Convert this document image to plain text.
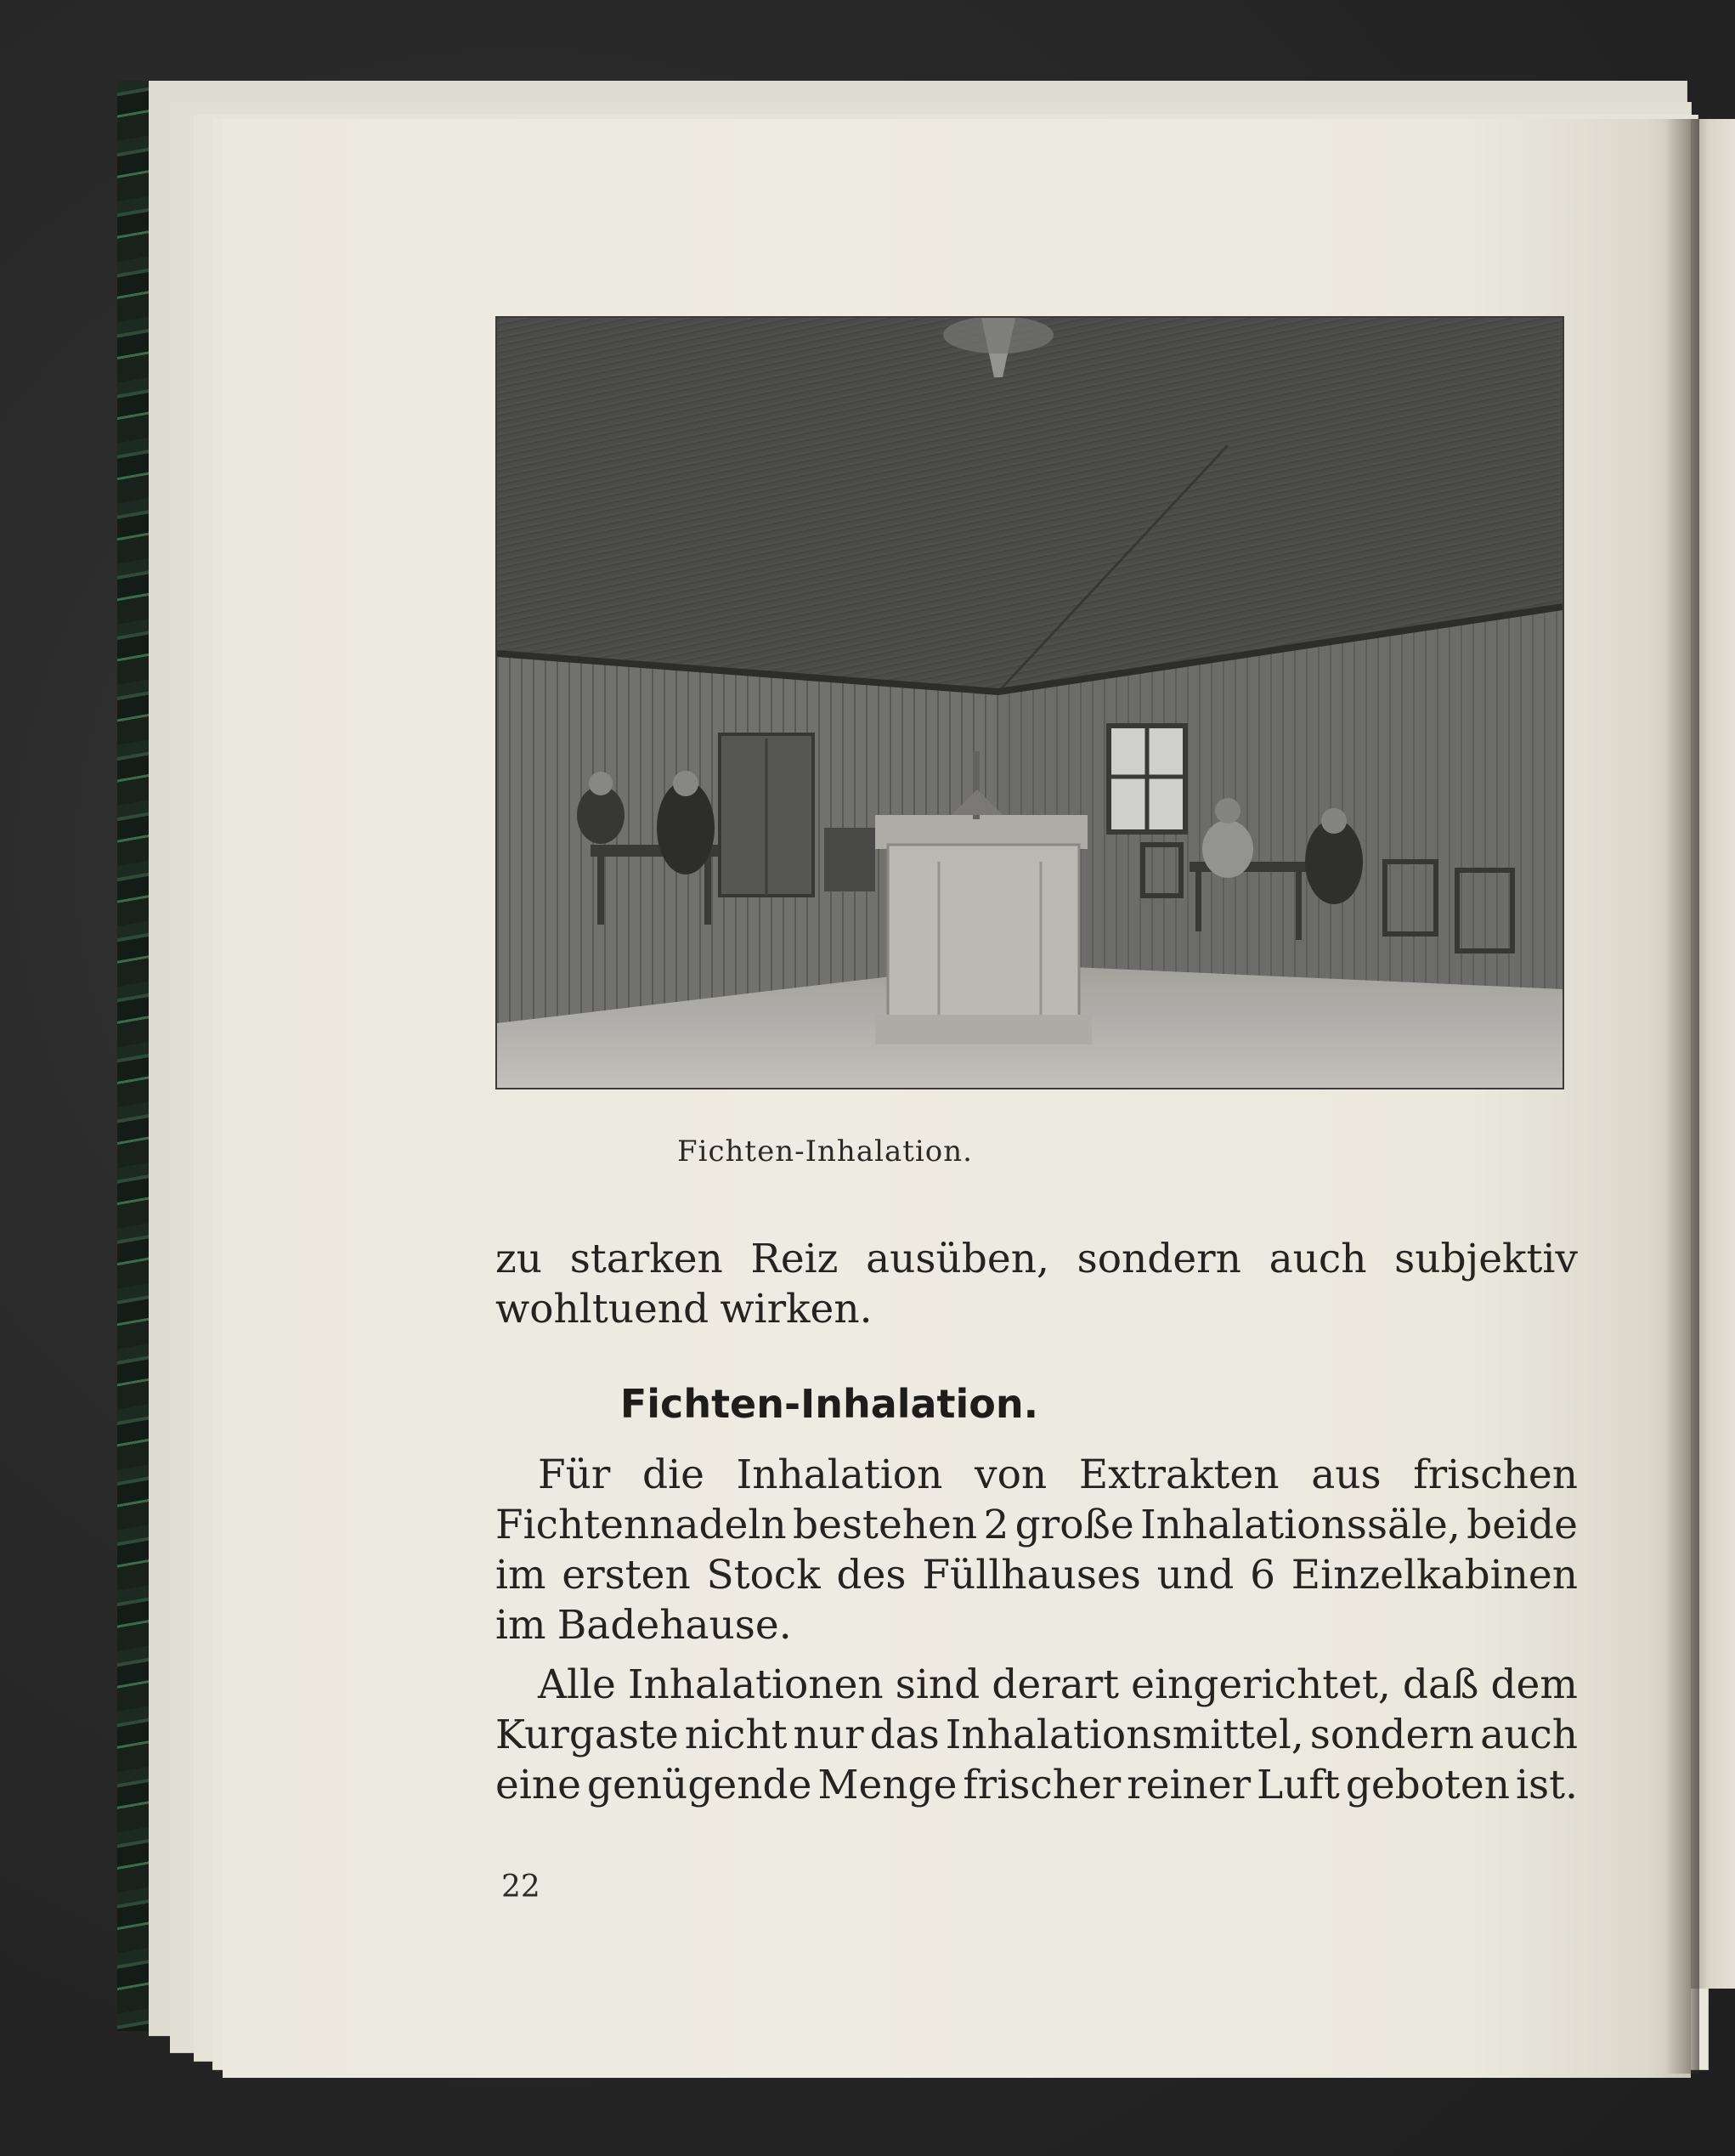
Fichten-Inhalation.
zu starken Reiz ausüben, sondern auch subjektiv
wohltuend wirken.
Fichten-Inhalation.
Für die Inhalation von Extrakten aus frischen
Fichtennadeln bestehen 2 große Inhalationssäle, beide
im ersten Stock des Füllhauses und 6 Einzelkabinen
im Badehause.
Alle Inhalationen sind derart eingerichtet, daß dem
Kurgaste nicht nur das Inhalationsmittel, sondern auch
eine genügende Menge frischer reiner Luft geboten ist.
22
